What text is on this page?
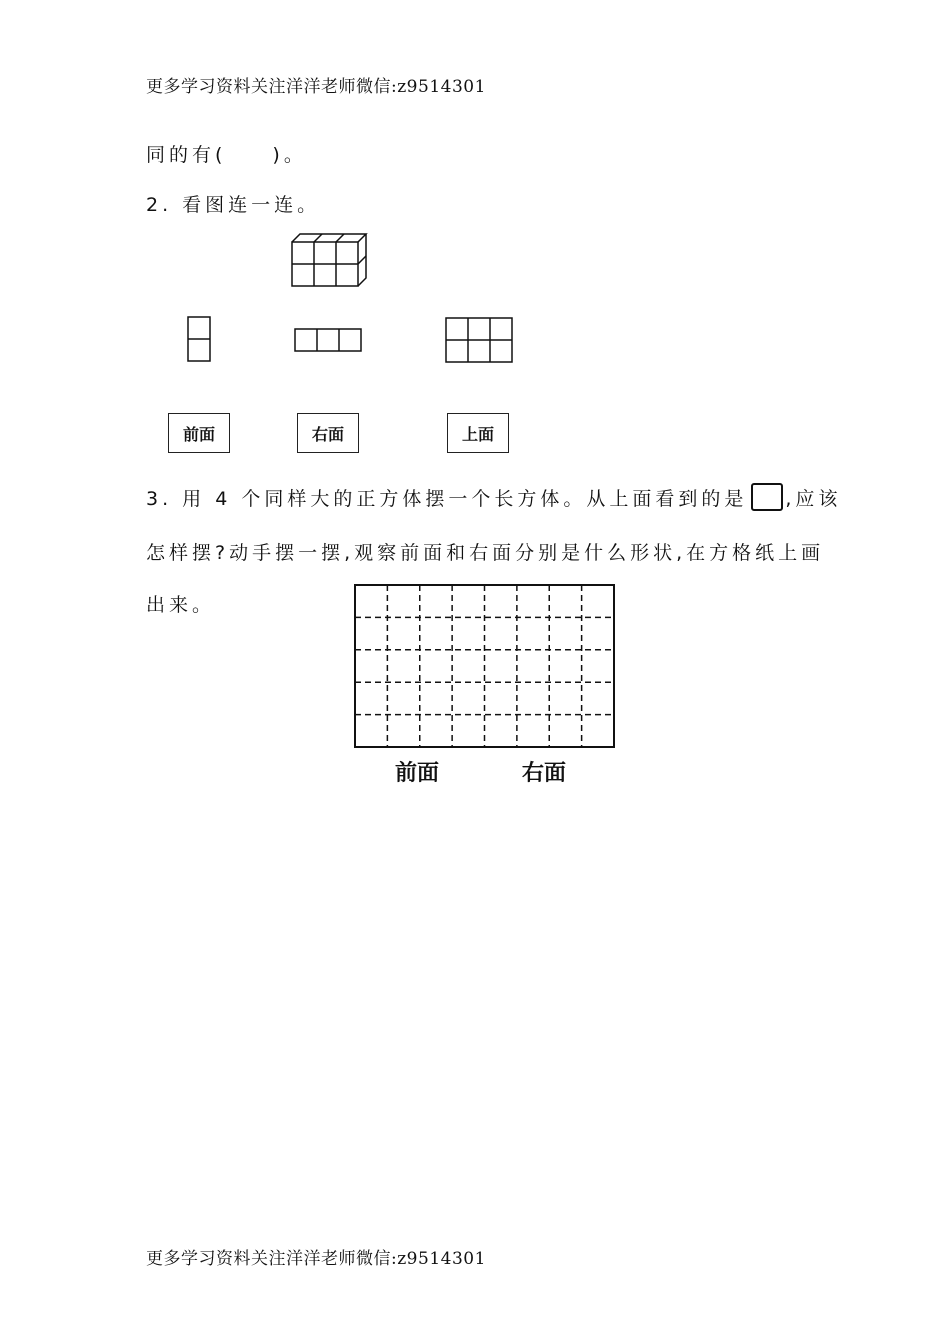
更多学习资料关注洋洋老师微信:z9514301
同的有(　　)。
2. 看图连一连。
前面	右面	上面
3. 用 4 个同样大的正方体摆一个长方体。从上面看到的是 ,应该
怎样摆?动手摆一摆,观察前面和右面分别是什么形状,在方格纸上画
出来。
前面	右面
更多学习资料关注洋洋老师微信:z9514301
